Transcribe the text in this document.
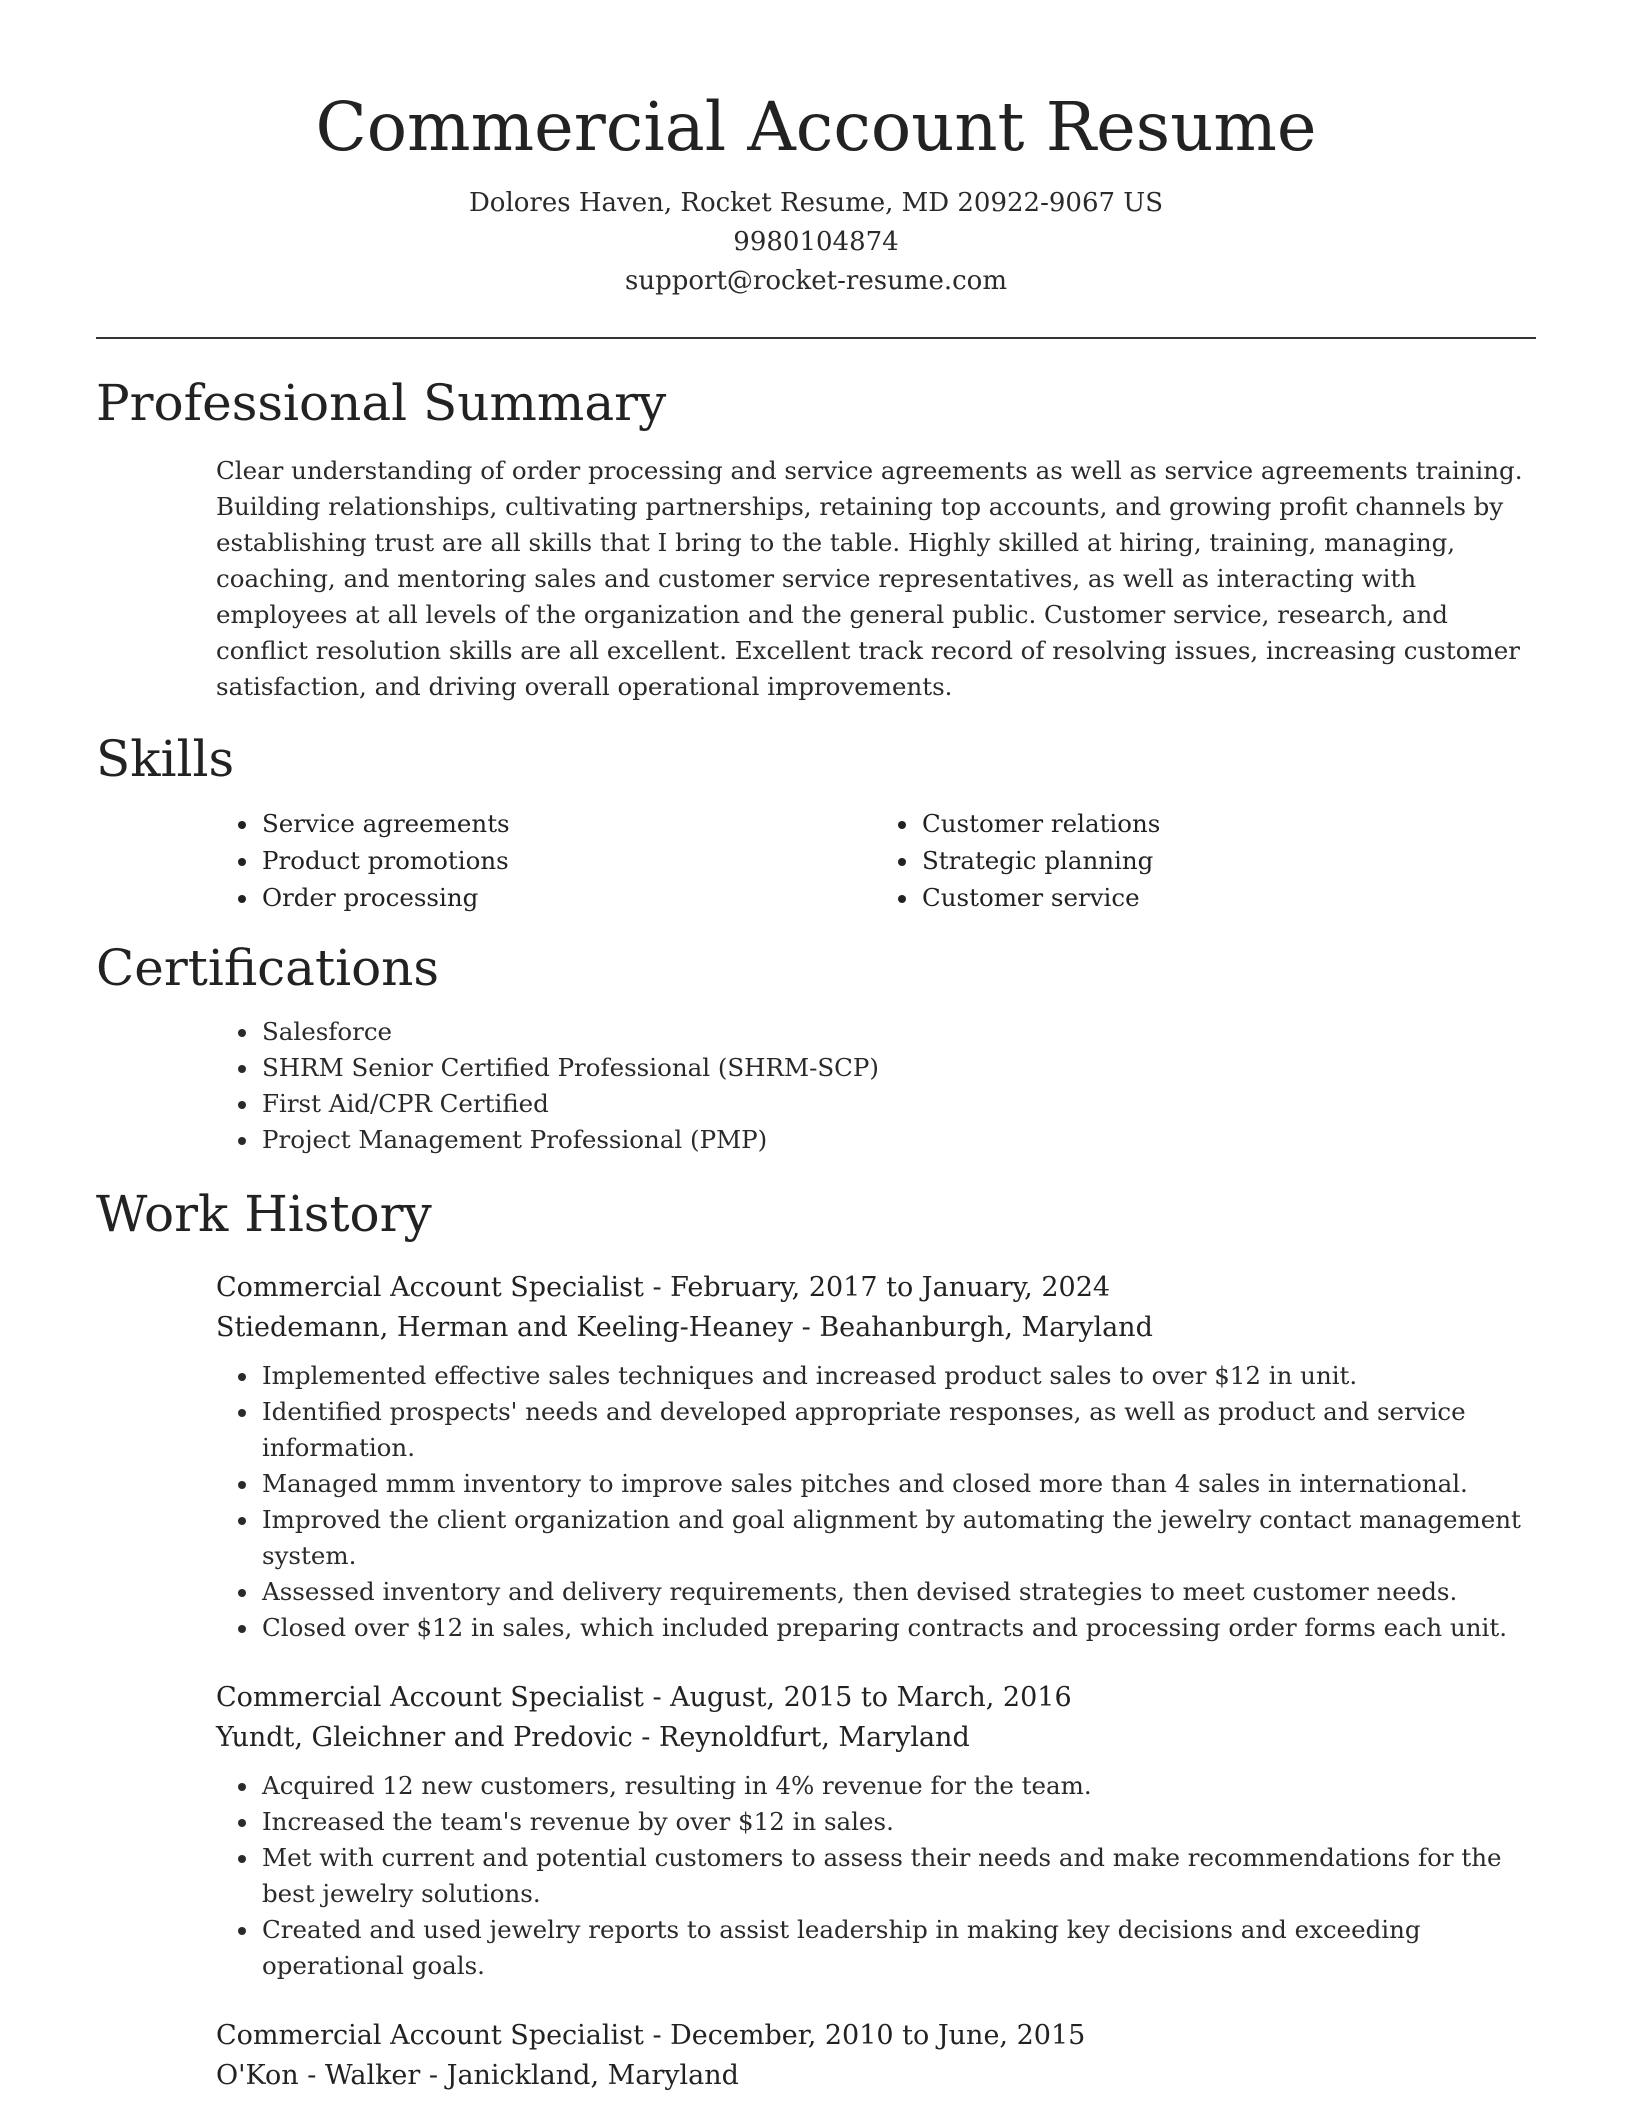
Commercial Account Resume
Dolores Haven, Rocket Resume, MD 20922-9067 US
9980104874
support@rocket-resume.com
Professional Summary

Clear understanding of order processing and service agreements as well as service agreements training. Building relationships, cultivating partnerships, retaining top accounts, and growing profit channels by establishing trust are all skills that I bring to the table. Highly skilled at hiring, training, managing, coaching, and mentoring sales and customer service representatives, as well as interacting with employees at all levels of the organization and the general public. Customer service, research, and conflict resolution skills are all excellent. Excellent track record of resolving issues, increasing customer satisfaction, and driving overall operational improvements.

Skills
• Service agreements
• Product promotions
• Order processing
• Customer relations
• Strategic planning
• Customer service
Certifications
• Salesforce
• SHRM Senior Certified Professional (SHRM-SCP)
• First Aid/CPR Certified
• Project Management Professional (PMP)
Work History
Commercial Account Specialist - February, 2017 to January, 2024
Stiedemann, Herman and Keeling-Heaney - Beahanburgh, Maryland
• Implemented effective sales techniques and increased product sales to over $12 in unit.
• Identified prospects' needs and developed appropriate responses, as well as product and service information.
• Managed mmm inventory to improve sales pitches and closed more than 4 sales in international.
• Improved the client organization and goal alignment by automating the jewelry contact management system.
• Assessed inventory and delivery requirements, then devised strategies to meet customer needs.
• Closed over $12 in sales, which included preparing contracts and processing order forms each unit.
Commercial Account Specialist - August, 2015 to March, 2016
Yundt, Gleichner and Predovic - Reynoldfurt, Maryland
• Acquired 12 new customers, resulting in 4% revenue for the team.
• Increased the team's revenue by over $12 in sales.
• Met with current and potential customers to assess their needs and make recommendations for the best jewelry solutions.
• Created and used jewelry reports to assist leadership in making key decisions and exceeding operational goals.
Commercial Account Specialist - December, 2010 to June, 2015
O'Kon - Walker - Janickland, Maryland
